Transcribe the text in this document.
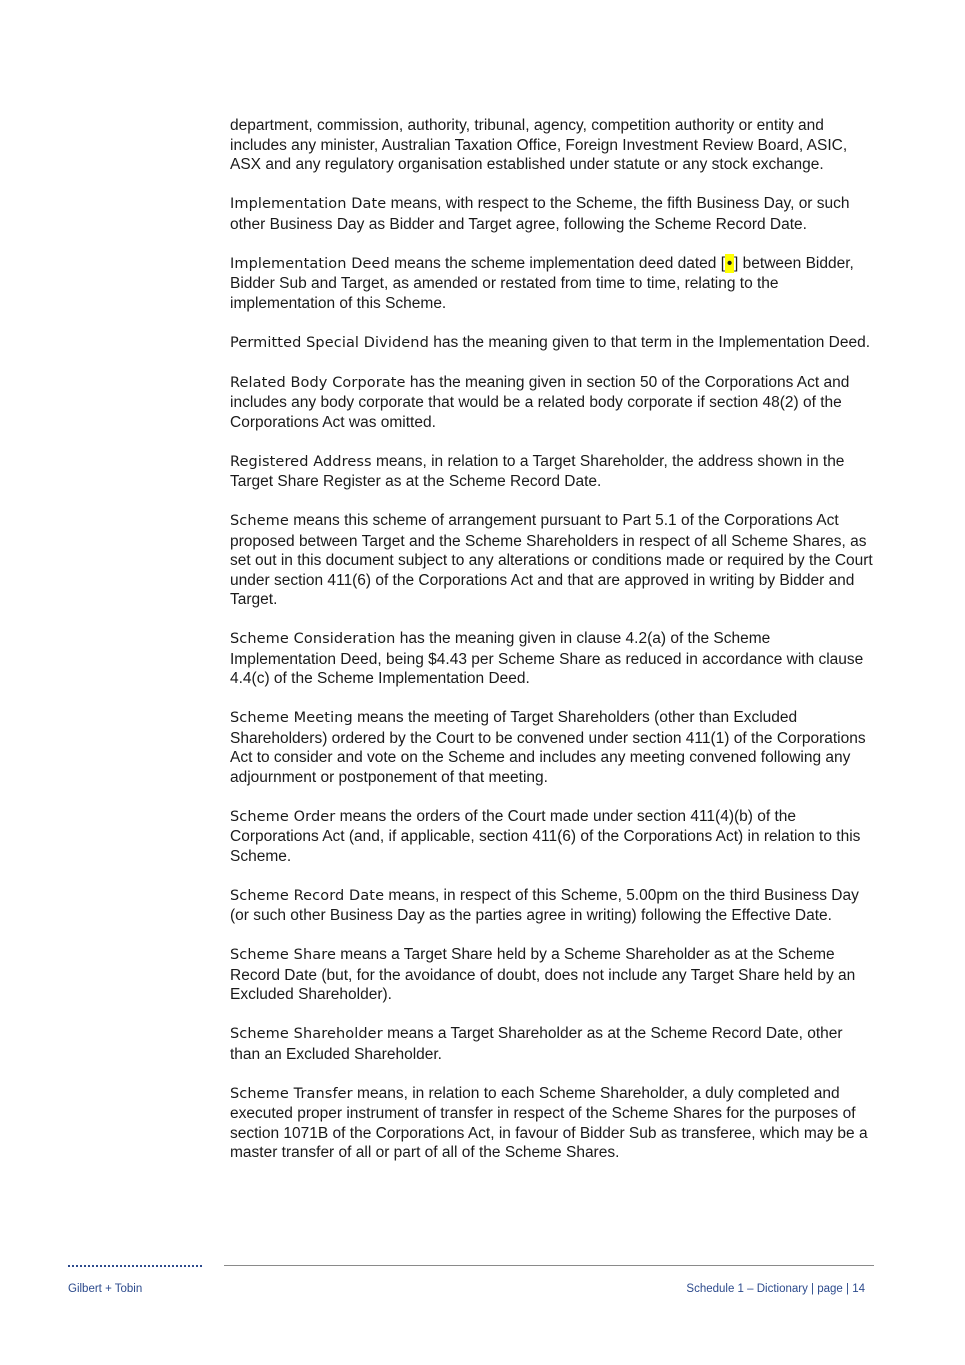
department, commission, authority, tribunal, agency, competition authority or entity and includes any minister, Australian Taxation Office, Foreign Investment Review Board, ASIC, ASX and any regulatory organisation established under statute or any stock exchange.

Implementation Date means, with respect to the Scheme, the fifth Business Day, or such other Business Day as Bidder and Target agree, following the Scheme Record Date.

Implementation Deed means the scheme implementation deed dated [ • ] between Bidder, Bidder Sub and Target, as amended or restated from time to time, relating to the implementation of this Scheme.

Permitted Special Dividend has the meaning given to that term in the Implementation Deed.

Related Body Corporate has the meaning given in section 50 of the Corporations Act and includes any body corporate that would be a related body corporate if section 48(2) of the Corporations Act was omitted.

Registered Address means, in relation to a Target Shareholder, the address shown in the Target Share Register as at the Scheme Record Date.

Scheme means this scheme of arrangement pursuant to Part 5.1 of the Corporations Act proposed between Target and the Scheme Shareholders in respect of all Scheme Shares, as set out in this document subject to any alterations or conditions made or required by the Court under section 411(6) of the Corporations Act and that are approved in writing by Bidder and Target.

Scheme Consideration has the meaning given in clause 4.2(a) of the Scheme Implementation Deed, being $4.43 per Scheme Share as reduced in accordance with clause 4.4(c) of the Scheme Implementation Deed.

Scheme Meeting means the meeting of Target Shareholders (other than Excluded Shareholders) ordered by the Court to be convened under section 411(1) of the Corporations Act to consider and vote on the Scheme and includes any meeting convened following any adjournment or postponement of that meeting.

Scheme Order means the orders of the Court made under section 411(4)(b) of the Corporations Act (and, if applicable, section 411(6) of the Corporations Act) in relation to this Scheme.

Scheme Record Date means, in respect of this Scheme, 5.00pm on the third Business Day (or such other Business Day as the parties agree in writing) following the Effective Date.

Scheme Share means a Target Share held by a Scheme Shareholder as at the Scheme Record Date (but, for the avoidance of doubt, does not include any Target Share held by an Excluded Shareholder).

Scheme Shareholder means a Target Shareholder as at the Scheme Record Date, other than an Excluded Shareholder.

Scheme Transfer means, in relation to each Scheme Shareholder, a duly completed and executed proper instrument of transfer in respect of the Scheme Shares for the purposes of section 1071B of the Corporations Act, in favour of Bidder Sub as transferee, which may be a master transfer of all or part of all of the Scheme Shares.

Gilbert + Tobin	Schedule 1 – Dictionary | page | 14
